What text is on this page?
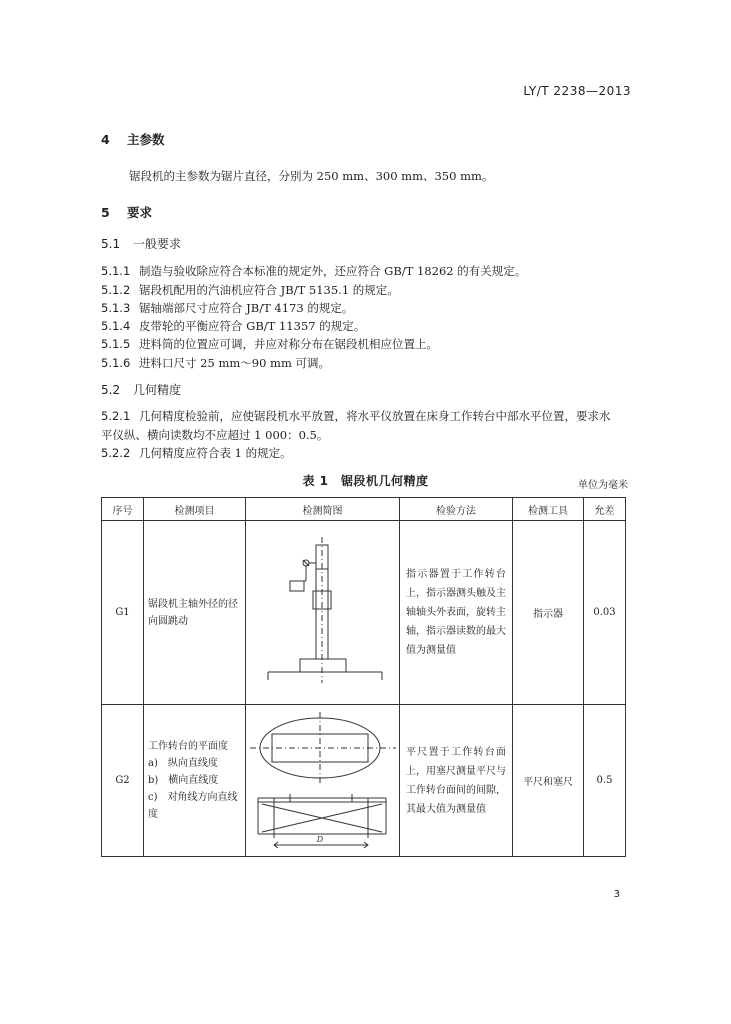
LY/T 2238—2013
4 主参数
锯段机的主参数为锯片直径，分别为 250 mm、300 mm、350 mm。
5 要求
5.1 一般要求
5.1.1 制造与验收除应符合本标准的规定外，还应符合 GB/T 18262 的有关规定。
5.1.2 锯段机配用的汽油机应符合 JB/T 5135.1 的规定。
5.1.3 锯轴端部尺寸应符合 JB/T 4173 的规定。
5.1.4 皮带轮的平衡应符合 GB/T 11357 的规定。
5.1.5 进料筒的位置应可调，并应对称分布在锯段机相应位置上。
5.1.6 进料口尺寸 25 mm～90 mm 可调。
5.2 几何精度
5.2.1 几何精度检验前，应使锯段机水平放置，将水平仪放置在床身工作转台中部水平位置，要求水
平仪纵、横向读数均不应超过 1 000：0.5。
5.2.2 几何精度应符合表 1 的规定。
表 1　锯段机几何精度	单位为毫米
序号	检测项目	检测简图	检验方法	检测工具	允差
G1	锯段机主轴外径的径向圆跳动		指示器置于工作转台上，指示器测头触及主轴轴头外表面，旋转主轴，指示器读数的最大值为测量值	指示器	0.03
G2	工作转台的平面度
a)　纵向直线度
b)　横向直线度
c)　对角线方向直线度	D	平尺置于工作转台面上，用塞尺测量平尺与工作转台面间的间隙，其最大值为测量值	平尺和塞尺	0.5
3
